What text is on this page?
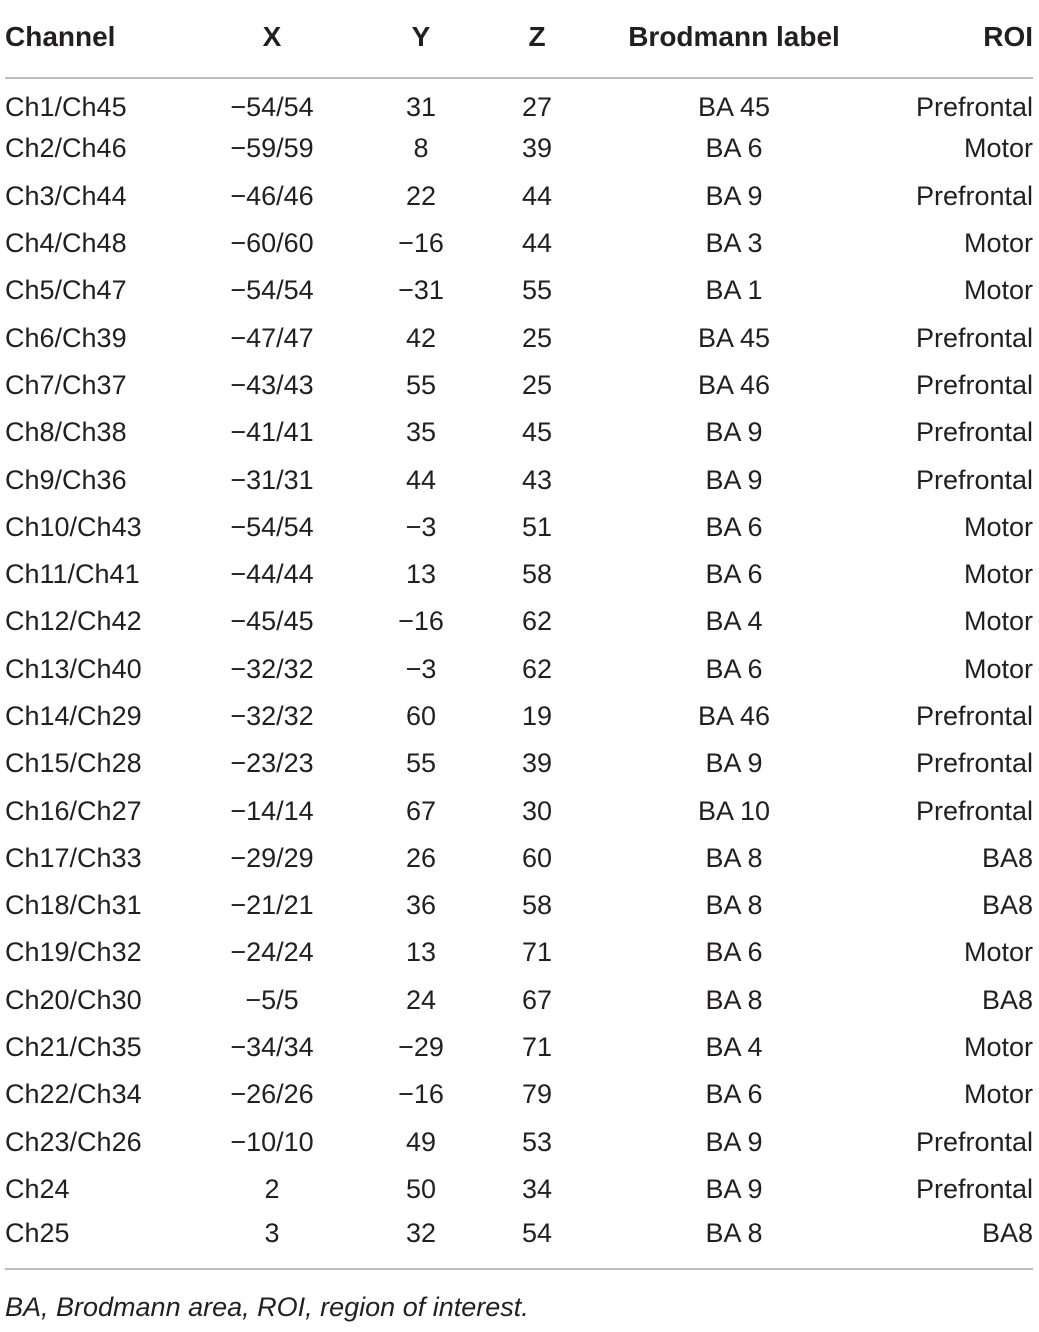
Channel	X	Y	Z	Brodmann label	ROI
Ch1/Ch45	−54/54	31	27	BA 45	Prefrontal
Ch2/Ch46	−59/59	8	39	BA 6	Motor
Ch3/Ch44	−46/46	22	44	BA 9	Prefrontal
Ch4/Ch48	−60/60	−16	44	BA 3	Motor
Ch5/Ch47	−54/54	−31	55	BA 1	Motor
Ch6/Ch39	−47/47	42	25	BA 45	Prefrontal
Ch7/Ch37	−43/43	55	25	BA 46	Prefrontal
Ch8/Ch38	−41/41	35	45	BA 9	Prefrontal
Ch9/Ch36	−31/31	44	43	BA 9	Prefrontal
Ch10/Ch43	−54/54	−3	51	BA 6	Motor
Ch11/Ch41	−44/44	13	58	BA 6	Motor
Ch12/Ch42	−45/45	−16	62	BA 4	Motor
Ch13/Ch40	−32/32	−3	62	BA 6	Motor
Ch14/Ch29	−32/32	60	19	BA 46	Prefrontal
Ch15/Ch28	−23/23	55	39	BA 9	Prefrontal
Ch16/Ch27	−14/14	67	30	BA 10	Prefrontal
Ch17/Ch33	−29/29	26	60	BA 8	BA8
Ch18/Ch31	−21/21	36	58	BA 8	BA8
Ch19/Ch32	−24/24	13	71	BA 6	Motor
Ch20/Ch30	−5/5	24	67	BA 8	BA8
Ch21/Ch35	−34/34	−29	71	BA 4	Motor
Ch22/Ch34	−26/26	−16	79	BA 6	Motor
Ch23/Ch26	−10/10	49	53	BA 9	Prefrontal
Ch24	2	50	34	BA 9	Prefrontal
Ch25	3	32	54	BA 8	BA8
BA, Brodmann area, ROI, region of interest.
